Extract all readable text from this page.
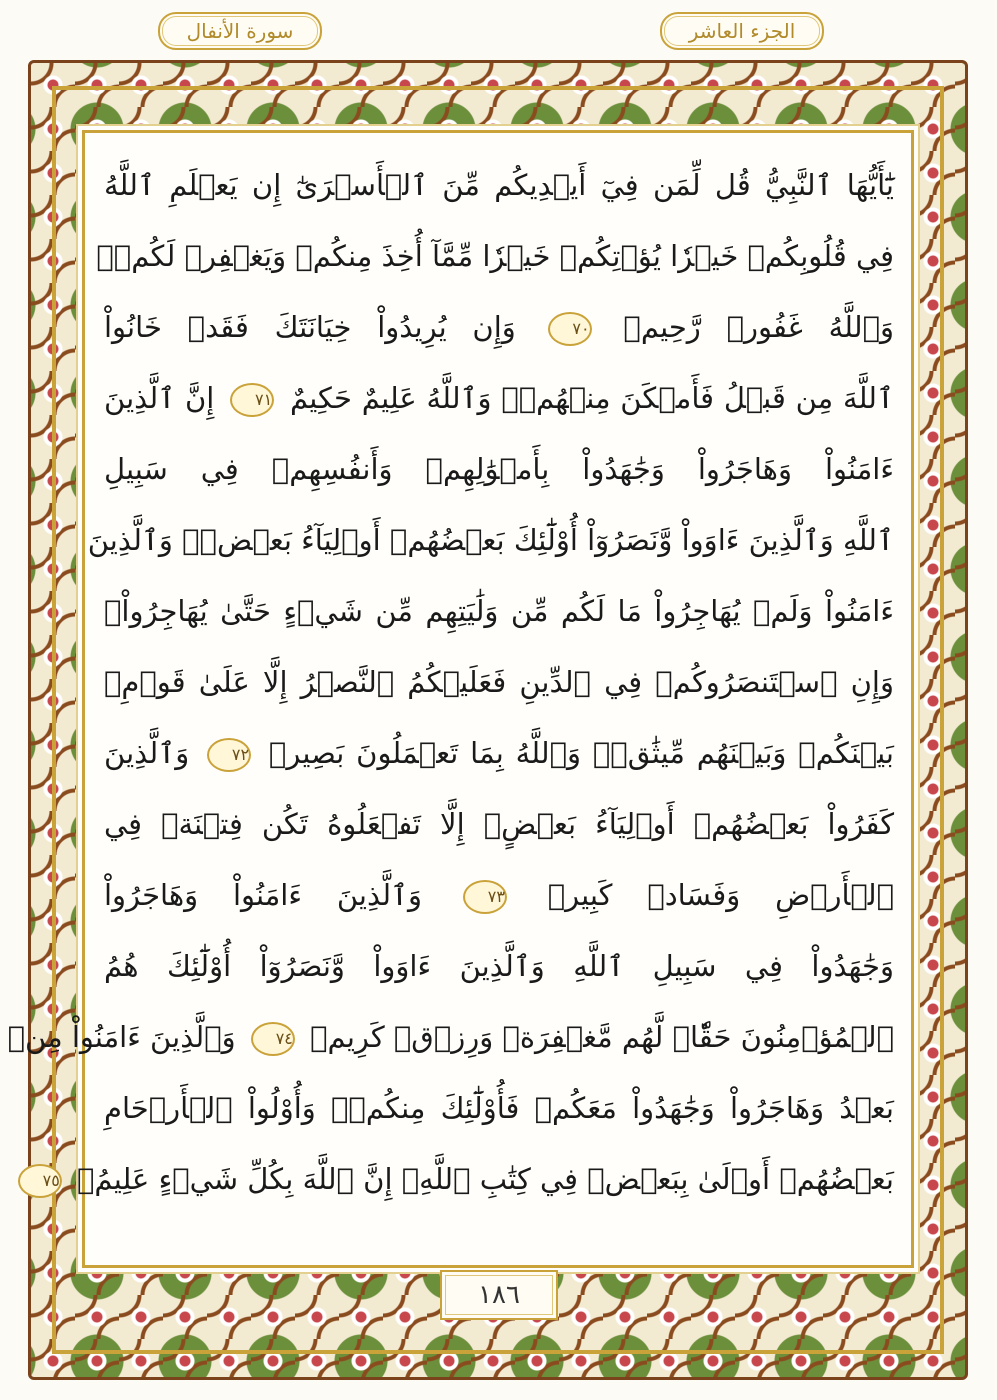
سورة الأنفال	الجزء العاشر
يَٰٓأَيُّهَا ٱلنَّبِيُّ قُل لِّمَن فِيٓ أَيۡدِيكُم مِّنَ ٱلۡأَسۡرَىٰٓ إِن يَعۡلَمِ ٱللَّهُ
فِي قُلُوبِكُمۡ خَيۡرٗا يُؤۡتِكُمۡ خَيۡرٗا مِّمَّآ أُخِذَ مِنكُمۡ وَيَغۡفِرۡ لَكُمۡۚ
وَٱللَّهُ غَفُورٞ رَّحِيمٞ ٧٠ وَإِن يُرِيدُواْ خِيَانَتَكَ فَقَدۡ خَانُواْ
ٱللَّهَ مِن قَبۡلُ فَأَمۡكَنَ مِنۡهُمۡۗ وَٱللَّهُ عَلِيمٌ حَكِيمٌ ٧١ إِنَّ ٱلَّذِينَ
ءَامَنُواْ وَهَاجَرُواْ وَجَٰهَدُواْ بِأَمۡوَٰلِهِمۡ وَأَنفُسِهِمۡ فِي سَبِيلِ
ٱللَّهِ وَٱلَّذِينَ ءَاوَواْ وَّنَصَرُوٓاْ أُوْلَٰٓئِكَ بَعۡضُهُمۡ أَوۡلِيَآءُ بَعۡضٖۚ وَٱلَّذِينَ
ءَامَنُواْ وَلَمۡ يُهَاجِرُواْ مَا لَكُم مِّن وَلَٰيَتِهِم مِّن شَيۡءٍ حَتَّىٰ يُهَاجِرُواْۚ
وَإِنِ ٱسۡتَنصَرُوكُمۡ فِي ٱلدِّينِ فَعَلَيۡكُمُ ٱلنَّصۡرُ إِلَّا عَلَىٰ قَوۡمِۭ
بَيۡنَكُمۡ وَبَيۡنَهُم مِّيثَٰقٞۗ وَٱللَّهُ بِمَا تَعۡمَلُونَ بَصِيرٞ ٧٢ وَٱلَّذِينَ
كَفَرُواْ بَعۡضُهُمۡ أَوۡلِيَآءُ بَعۡضٍۚ إِلَّا تَفۡعَلُوهُ تَكُن فِتۡنَةٞ فِي
ٱلۡأَرۡضِ وَفَسَادٞ كَبِيرٞ ٧٣ وَٱلَّذِينَ ءَامَنُواْ وَهَاجَرُواْ
وَجَٰهَدُواْ فِي سَبِيلِ ٱللَّهِ وَٱلَّذِينَ ءَاوَواْ وَّنَصَرُوٓاْ أُوْلَٰٓئِكَ هُمُ
ٱلۡمُؤۡمِنُونَ حَقّٗاۚ لَّهُم مَّغۡفِرَةٞ وَرِزۡقٞ كَرِيمٞ ٧٤ وَٱلَّذِينَ ءَامَنُواْ مِنۢ
بَعۡدُ وَهَاجَرُواْ وَجَٰهَدُواْ مَعَكُمۡ فَأُوْلَٰٓئِكَ مِنكُمۡۚ وَأُوْلُواْ ٱلۡأَرۡحَامِ
بَعۡضُهُمۡ أَوۡلَىٰ بِبَعۡضٖ فِي كِتَٰبِ ٱللَّهِۚ إِنَّ ٱللَّهَ بِكُلِّ شَيۡءٍ عَلِيمُۢ ٧٥
١٨٦
